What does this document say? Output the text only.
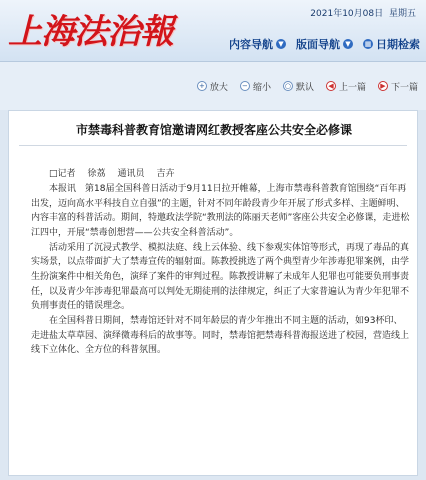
上海法治報	2021年10月08日 星期五
内容导航 ▼ 版面导航 ▼	▦ 日期检索
+ 放大 − 缩小 ○ 默认	◀ 上一篇	▶ 下一篇
市禁毒科普教育馆邀请网红教授客座公共安全必修课
□记者 徐荔 通讯员 吉卉

本报讯　第18届全国科普日活动于9月11日拉开帷幕，上海市禁毒科普教育馆围绕“百年再出发，迈向高水平科技自立自强”的主题，针对不同年龄段青少年开展了形式多样、主题鲜明、内容丰富的科普活动。期间，特邀政法学院“教刑法的陈丽天老师”客座公共安全必修课，走进松江四中，开展“禁毒创想营——公共安全科普活动”。

活动采用了沉浸式教学、模拟法庭、线上云体验、线下参观实体馆等形式，再现了毒品的真实场景，以点带面扩大了禁毒宣传的辐射面。陈教授挑选了两个典型青少年涉毒犯罪案例，由学生扮演案件中相关角色，演绎了案件的审判过程。陈教授讲解了未成年人犯罪也可能要负刑事责任，以及青少年涉毒犯罪最高可以判处无期徒刑的法律规定，纠正了大家普遍认为青少年犯罪不负刑事责任的错误理念。

在全国科普日期间，禁毒馆还针对不同年龄层的青少年推出不同主题的活动，如93杯印、走进盐太草草园、演绎微毒科后的故事等。同时，禁毒馆把禁毒科普海报送进了校园，营造线上线下立体化、全方位的科普氛围。
